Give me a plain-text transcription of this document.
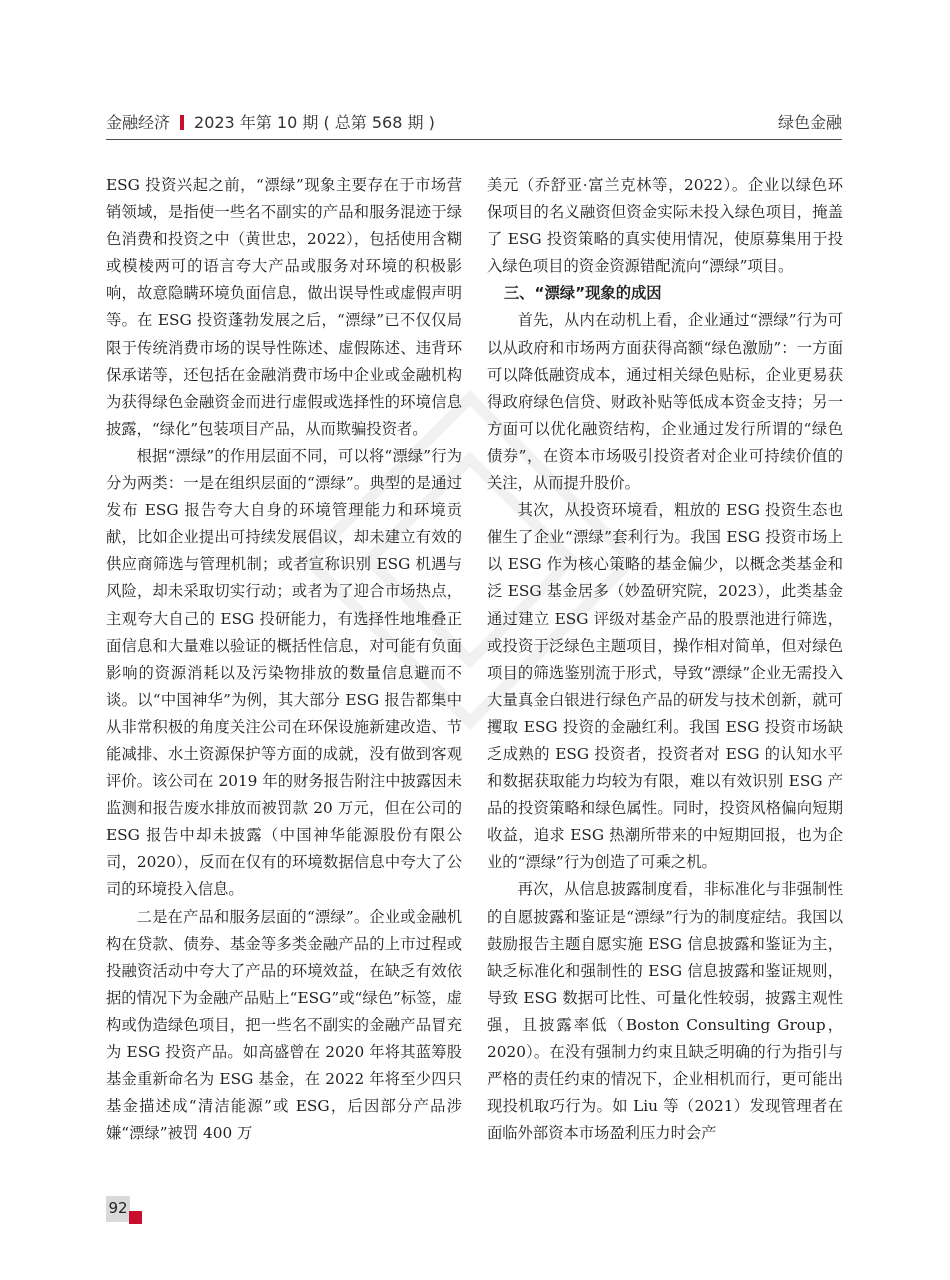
金融经济 2023 年第 10 期 ( 总第 568 期 )	绿色金融

ESG 投资兴起之前，“漂绿”现象主要存在于市场营销领域，是指使一些名不副实的产品和服务混迹于绿色消费和投资之中（黄世忠，2022），包括使用含糊或模棱两可的语言夸大产品或服务对环境的积极影响，故意隐瞒环境负面信息，做出误导性或虚假声明等。在 ESG 投资蓬勃发展之后，“漂绿”已不仅仅局限于传统消费市场的误导性陈述、虚假陈述、违背环保承诺等，还包括在金融消费市场中企业或金融机构为获得绿色金融资金而进行虚假或选择性的环境信息披露，“绿化”包装项目产品，从而欺骗投资者。

根据“漂绿”的作用层面不同，可以将“漂绿”行为分为两类：一是在组织层面的“漂绿”。典型的是通过发布 ESG 报告夸大自身的环境管理能力和环境贡献，比如企业提出可持续发展倡议，却未建立有效的供应商筛选与管理机制；或者宣称识别 ESG 机遇与风险，却未采取切实行动；或者为了迎合市场热点，主观夸大自己的 ESG 投研能力，有选择性地堆叠正面信息和大量难以验证的概括性信息，对可能有负面影响的资源消耗以及污染物排放的数量信息避而不谈。以“中国神华”为例，其大部分 ESG 报告都集中从非常积极的角度关注公司在环保设施新建改造、节能减排、水土资源保护等方面的成就，没有做到客观评价。该公司在 2019 年的财务报告附注中披露因未监测和报告废水排放而被罚款 20 万元，但在公司的 ESG 报告中却未披露（中国神华能源股份有限公司，2020），反而在仅有的环境数据信息中夸大了公司的环境投入信息。

二是在产品和服务层面的“漂绿”。企业或金融机构在贷款、债券、基金等多类金融产品的上市过程或投融资活动中夸大了产品的环境效益，在缺乏有效依据的情况下为金融产品贴上“ESG”或“绿色”标签，虚构或伪造绿色项目，把一些名不副实的金融产品冒充为 ESG 投资产品。如高盛曾在 2020 年将其蓝筹股基金重新命名为 ESG 基金，在 2022 年将至少四只基金描述成“清洁能源”或 ESG，后因部分产品涉嫌“漂绿”被罚 400 万

美元（乔舒亚·富兰克林等，2022）。企业以绿色环保项目的名义融资但资金实际未投入绿色项目，掩盖了 ESG 投资策略的真实使用情况，使原募集用于投入绿色项目的资金资源错配流向“漂绿”项目。

三、“漂绿”现象的成因

首先，从内在动机上看，企业通过“漂绿”行为可以从政府和市场两方面获得高额“绿色激励”：一方面可以降低融资成本，通过相关绿色贴标，企业更易获得政府绿色信贷、财政补贴等低成本资金支持；另一方面可以优化融资结构，企业通过发行所谓的“绿色债券”，在资本市场吸引投资者对企业可持续价值的关注，从而提升股价。

其次，从投资环境看，粗放的 ESG 投资生态也催生了企业“漂绿”套利行为。我国 ESG 投资市场上以 ESG 作为核心策略的基金偏少，以概念类基金和泛 ESG 基金居多（妙盈研究院，2023），此类基金通过建立 ESG 评级对基金产品的股票池进行筛选，或投资于泛绿色主题项目，操作相对简单，但对绿色项目的筛选鉴别流于形式，导致“漂绿”企业无需投入大量真金白银进行绿色产品的研发与技术创新，就可攫取 ESG 投资的金融红利。我国 ESG 投资市场缺乏成熟的 ESG 投资者，投资者对 ESG 的认知水平和数据获取能力均较为有限，难以有效识别 ESG 产品的投资策略和绿色属性。同时，投资风格偏向短期收益，追求 ESG 热潮所带来的中短期回报，也为企业的“漂绿”行为创造了可乘之机。

再次，从信息披露制度看，非标准化与非强制性的自愿披露和鉴证是“漂绿”行为的制度症结。我国以鼓励报告主题自愿实施 ESG 信息披露和鉴证为主，缺乏标准化和强制性的 ESG 信息披露和鉴证规则，导致 ESG 数据可比性、可量化性较弱，披露主观性强，且披露率低（Boston Consulting Group，2020）。在没有强制力约束且缺乏明确的行为指引与严格的责任约束的情况下，企业相机而行，更可能出现投机取巧行为。如 Liu 等（2021）发现管理者在面临外部资本市场盈利压力时会产

92
